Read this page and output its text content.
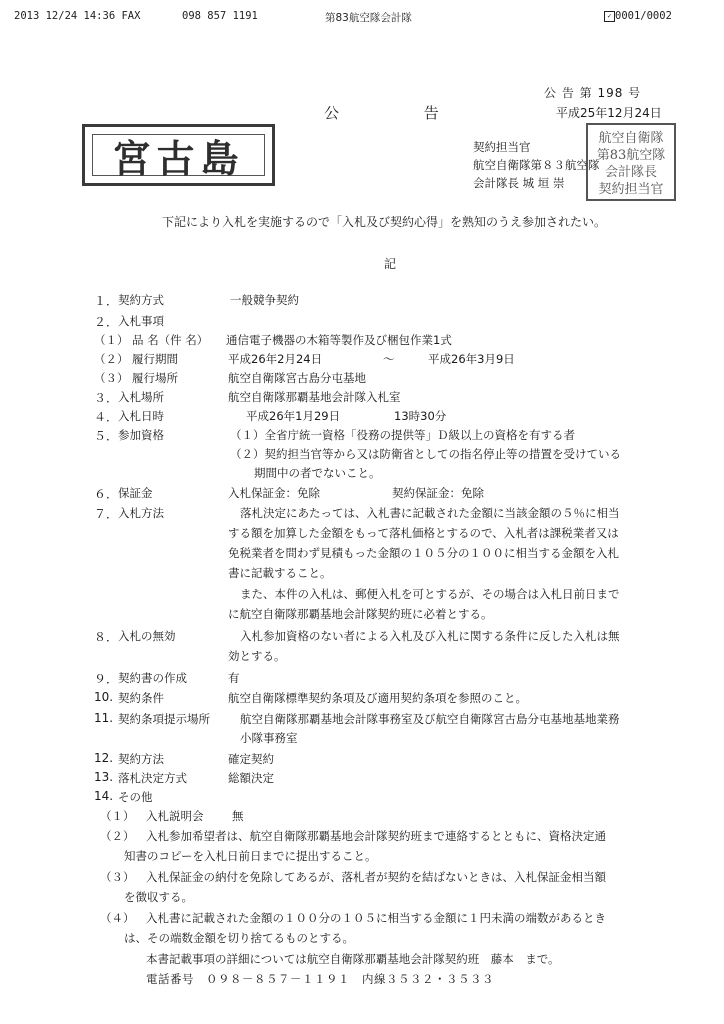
2013 12/24 14:36 FAX	098 857 1191	第83航空隊会計隊	✓ 0001/0002
公 告 第 198 号
平成25年12月24日
公 告
宮古島	契約担当官
航空自衛隊第８３航空隊
会計隊長 城 垣 崇
航空自衛隊
第83航空隊
会計隊長
契約担当官
下記により入札を実施するので「入札及び契約心得」を熟知のうえ参加されたい。
記
１． 契約方式	一般競争契約
２． 入札事項
（１） 品 名（件 名） 通信電子機器の木箱等製作及び梱包作業1式
（２） 履行期間	平成26年2月24日	～	平成26年3月9日
（３） 履行場所	航空自衛隊宮古島分屯基地
３． 入札場所	航空自衛隊那覇基地会計隊入札室
４． 入札日時	平成26年1月29日	13時30分
５． 参加資格	（１）全省庁統一資格「役務の提供等」Ｄ級以上の資格を有する者
（２）契約担当官等から又は防衛省としての指名停止等の措置を受けている
期間中の者でないこと。
６． 保証金	入札保証金：免除	契約保証金：免除
７． 入札方法	落札決定にあたっては、入札書に記載された金額に当該金額の５％に相当
する額を加算した金額をもって落札価格とするので、入札者は課税業者又は
免税業者を問わず見積もった金額の１０５分の１００に相当する金額を入札
書に記載すること。
また、本件の入札は、郵便入札を可とするが、その場合は入札日前日まで
に航空自衛隊那覇基地会計隊契約班に必着とする。
８． 入札の無効	入札参加資格のない者による入札及び入札に関する条件に反した入札は無
効とする。
９． 契約書の作成	有
10. 契約条件	航空自衛隊標準契約条項及び適用契約条項を参照のこと。
11. 契約条項提示場所	航空自衛隊那覇基地会計隊事務室及び航空自衛隊宮古島分屯基地基地業務
小隊事務室
12. 契約方法	確定契約
13. 落札決定方式	総額決定
14. その他
（１） 入札説明会 無
（２） 入札参加希望者は、航空自衛隊那覇基地会計隊契約班まで連絡するとともに、資格決定通
知書のコピーを入札日前日までに提出すること。
（３） 入札保証金の納付を免除してあるが、落札者が契約を結ばないときは、入札保証金相当額
を徴収する。
（４） 入札書に記載された金額の１００分の１０５に相当する金額に１円未満の端数があるとき
は、その端数金額を切り捨てるものとする。
本書記載事項の詳細については航空自衛隊那覇基地会計隊契約班　藤本　まで。
電話番号　０９８－８５７－１１９１　内線３５３２・３５３３
